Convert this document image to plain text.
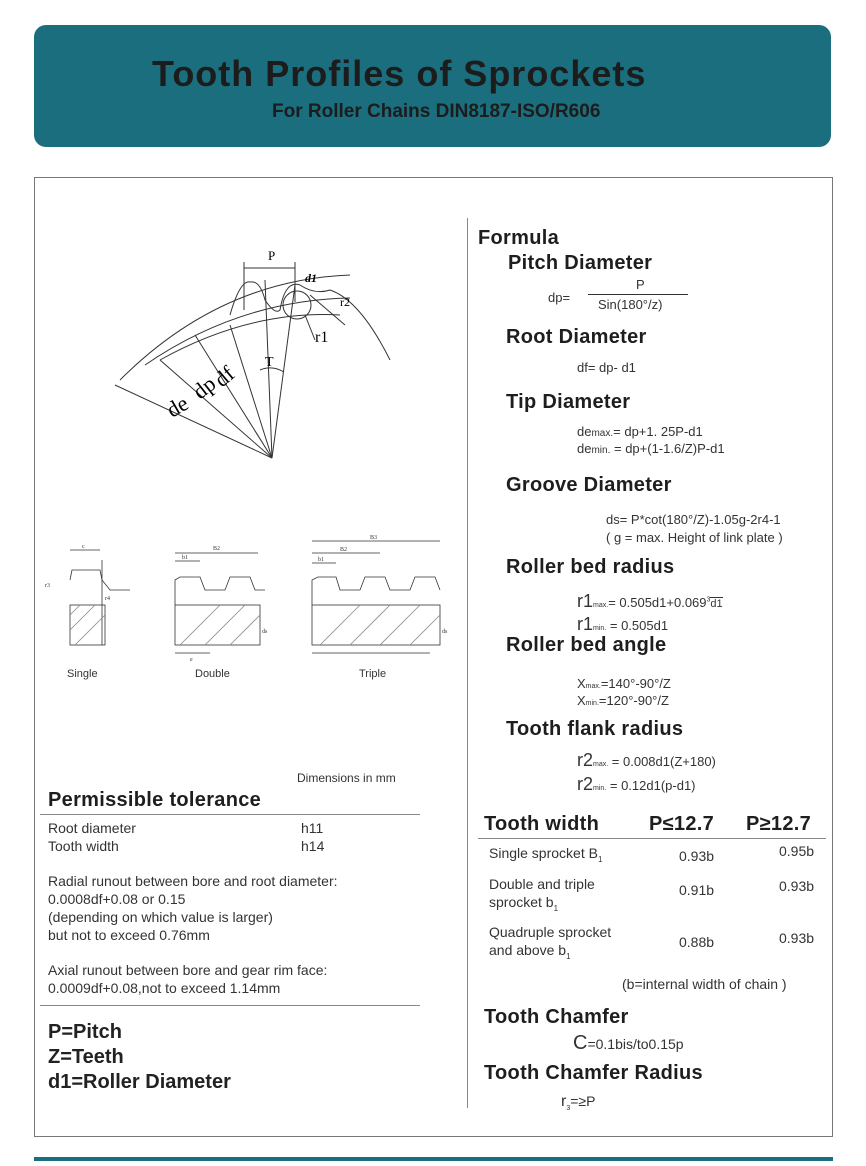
Tooth Profiles of Sprockets
For Roller Chains DIN8187-ISO/R606
P
d1
r2
r1
df
dp
de
T
c
r3
r4
B2
b1
e
ds
B3
B2
b1
ds
Single	Double	Triple
Dimensions in mm
Permissible tolerance
Root diameter	h11
Tooth width	h14
Radial runout between bore and root diameter:
0.0008df+0.08 or 0.15
(depending on which value is larger)
but not to exceed 0.76mm
Axial runout between bore and gear rim face:
0.0009df+0.08,not to exceed 1.14mm
P=Pitch
Z=Teeth
d1=Roller Diameter
Formula
Pitch Diameter
dp=
P
Sin(180°/z)
Root Diameter
df= dp- d1
Tip Diameter
demax.= dp+1. 25P-d1
demin. = dp+(1-1.6/Z)P-d1
Groove Diameter
ds= P*cot(180°/Z)-1.05g-2r4-1
( g = max. Height of link plate )
Roller bed radius
$r1\max.= 0.505d1+0.069^3d1$
r1min. = 0.505d1
Roller bed angle
Xmax.=140°-90°/Z
Xmin.=120°-90°/Z
Tooth flank radius
r2max. = 0.008d1(Z+180)
r2min. = 0.12d1(p-d1)
Tooth width P≤12.7 P≥12.7
Single sprocket $B_1$	0.93b	0.95b
Double and triple
sprocket $b_1$
0.91b	0.93b
Quadruple sprocket
and above $b_1$
0.88b	0.93b
(b=internal width of chain )
Tooth Chamfer
C=0.1bis/to0.15p
Tooth Chamfer Radius
$r_3=\ge P$
